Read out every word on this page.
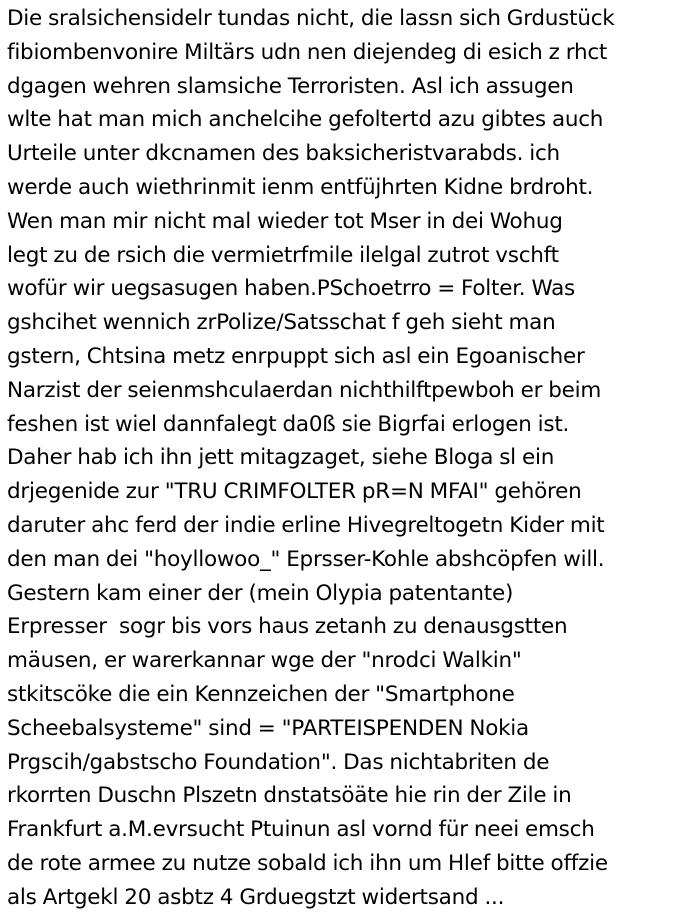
Die sralsichensidelr tundas nicht, die lassn sich Grdustück
fibiombenvonire Miltärs udn nen diejendeg di esich z rhct
dgagen wehren slamsiche Terroristen. Asl ich assugen
wlte hat man mich anchelcihe gefoltertd azu gibtes auch
Urteile unter dkcnamen des baksicheristvarabds. ich
werde auch wiethrinmit ienm entfüjhrten Kidne brdroht.
Wen man mir nicht mal wieder tot Mser in dei Wohug
legt zu de rsich die vermietrfmile ilelgal zutrot vschft
wofür wir uegsasugen haben.PSchoetrro = Folter. Was
gshcihet wennich zrPolize/Satsschat f geh sieht man
gstern, Chtsina metz enrpuppt sich asl ein Egoanischer
Narzist der seienmshculaerdan nichthilftpewboh er beim
feshen ist wiel dannfalegt da0ß sie Bigrfai erlogen ist.
Daher hab ich ihn jett mitagzaget, siehe Bloga sl ein
drjegenide zur "TRU CRIMFOLTER pR=N MFAI" gehören
daruter ahc ferd der indie erline Hivegreltogetn Kider mit
den man dei "hoyllowoo_" Eprsser-Kohle abshcöpfen will.
Gestern kam einer der (mein Olypia patentante)
Erpresser  sogr bis vors haus zetanh zu denausgstten
mäusen, er warerkannar wge der "nrodci Walkin"
stkitscöke die ein Kennzeichen der "Smartphone
Scheebalsysteme" sind = "PARTEISPENDEN Nokia
Prgscih/gabstscho Foundation". Das nichtabriten de
rkorrten Duschn Plszetn dnstatsöäte hie rin der Zile in
Frankfurt a.M.evrsucht Ptuinun asl vornd für neei emsch
de rote armee zu nutze sobald ich ihn um Hlef bitte offzie
als Artgekl 20 asbtz 4 Grduegstzt widertsand ...
